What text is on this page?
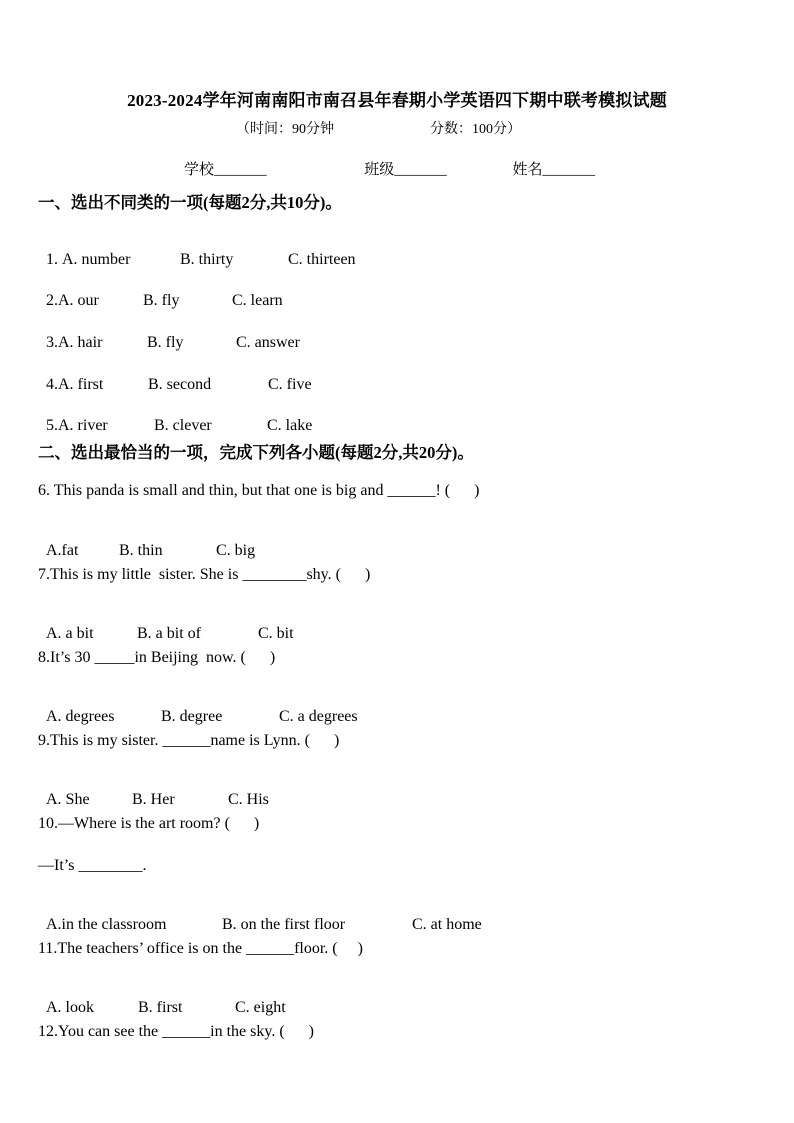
2023-2024学年河南南阳市南召县年春期小学英语四下期中联考模拟试题
（时间：90分钟	分数：100分）
学校_______	班级_______	姓名_______
一、选出不同类的一项(每题2分,共10分)。

1. A. number	B. thirty	C. thirteen

2.A. our	B. fly	C. learn

3.A. hair	B. fly	C. answer

4.A. first	B. second	C. five

5.A. river	B. clever	C. lake

二、选出最恰当的一项，完成下列各小题(每题2分,共20分)。
6. This panda is small and thin, but that one is big and ______! (      )

A.fat	B. thin	C. big

7.This is my little  sister. She is ________shy. (      )

A. a bit	B. a bit of	C. bit

8.It’s 30 _____in Beijing  now. (      )

A. degrees	B. degree	C. a degrees

9.This is my sister. ______name is Lynn. (      )

A. She	B. Her	C. His

10.—Where is the art room? (      )
—It’s ________.

A.in the classroom	B. on the first floor	C. at home

11.The teachers’ office is on the ______floor. (     )

A. look	B. first	C. eight

12.You can see the ______in the sky. (      )
